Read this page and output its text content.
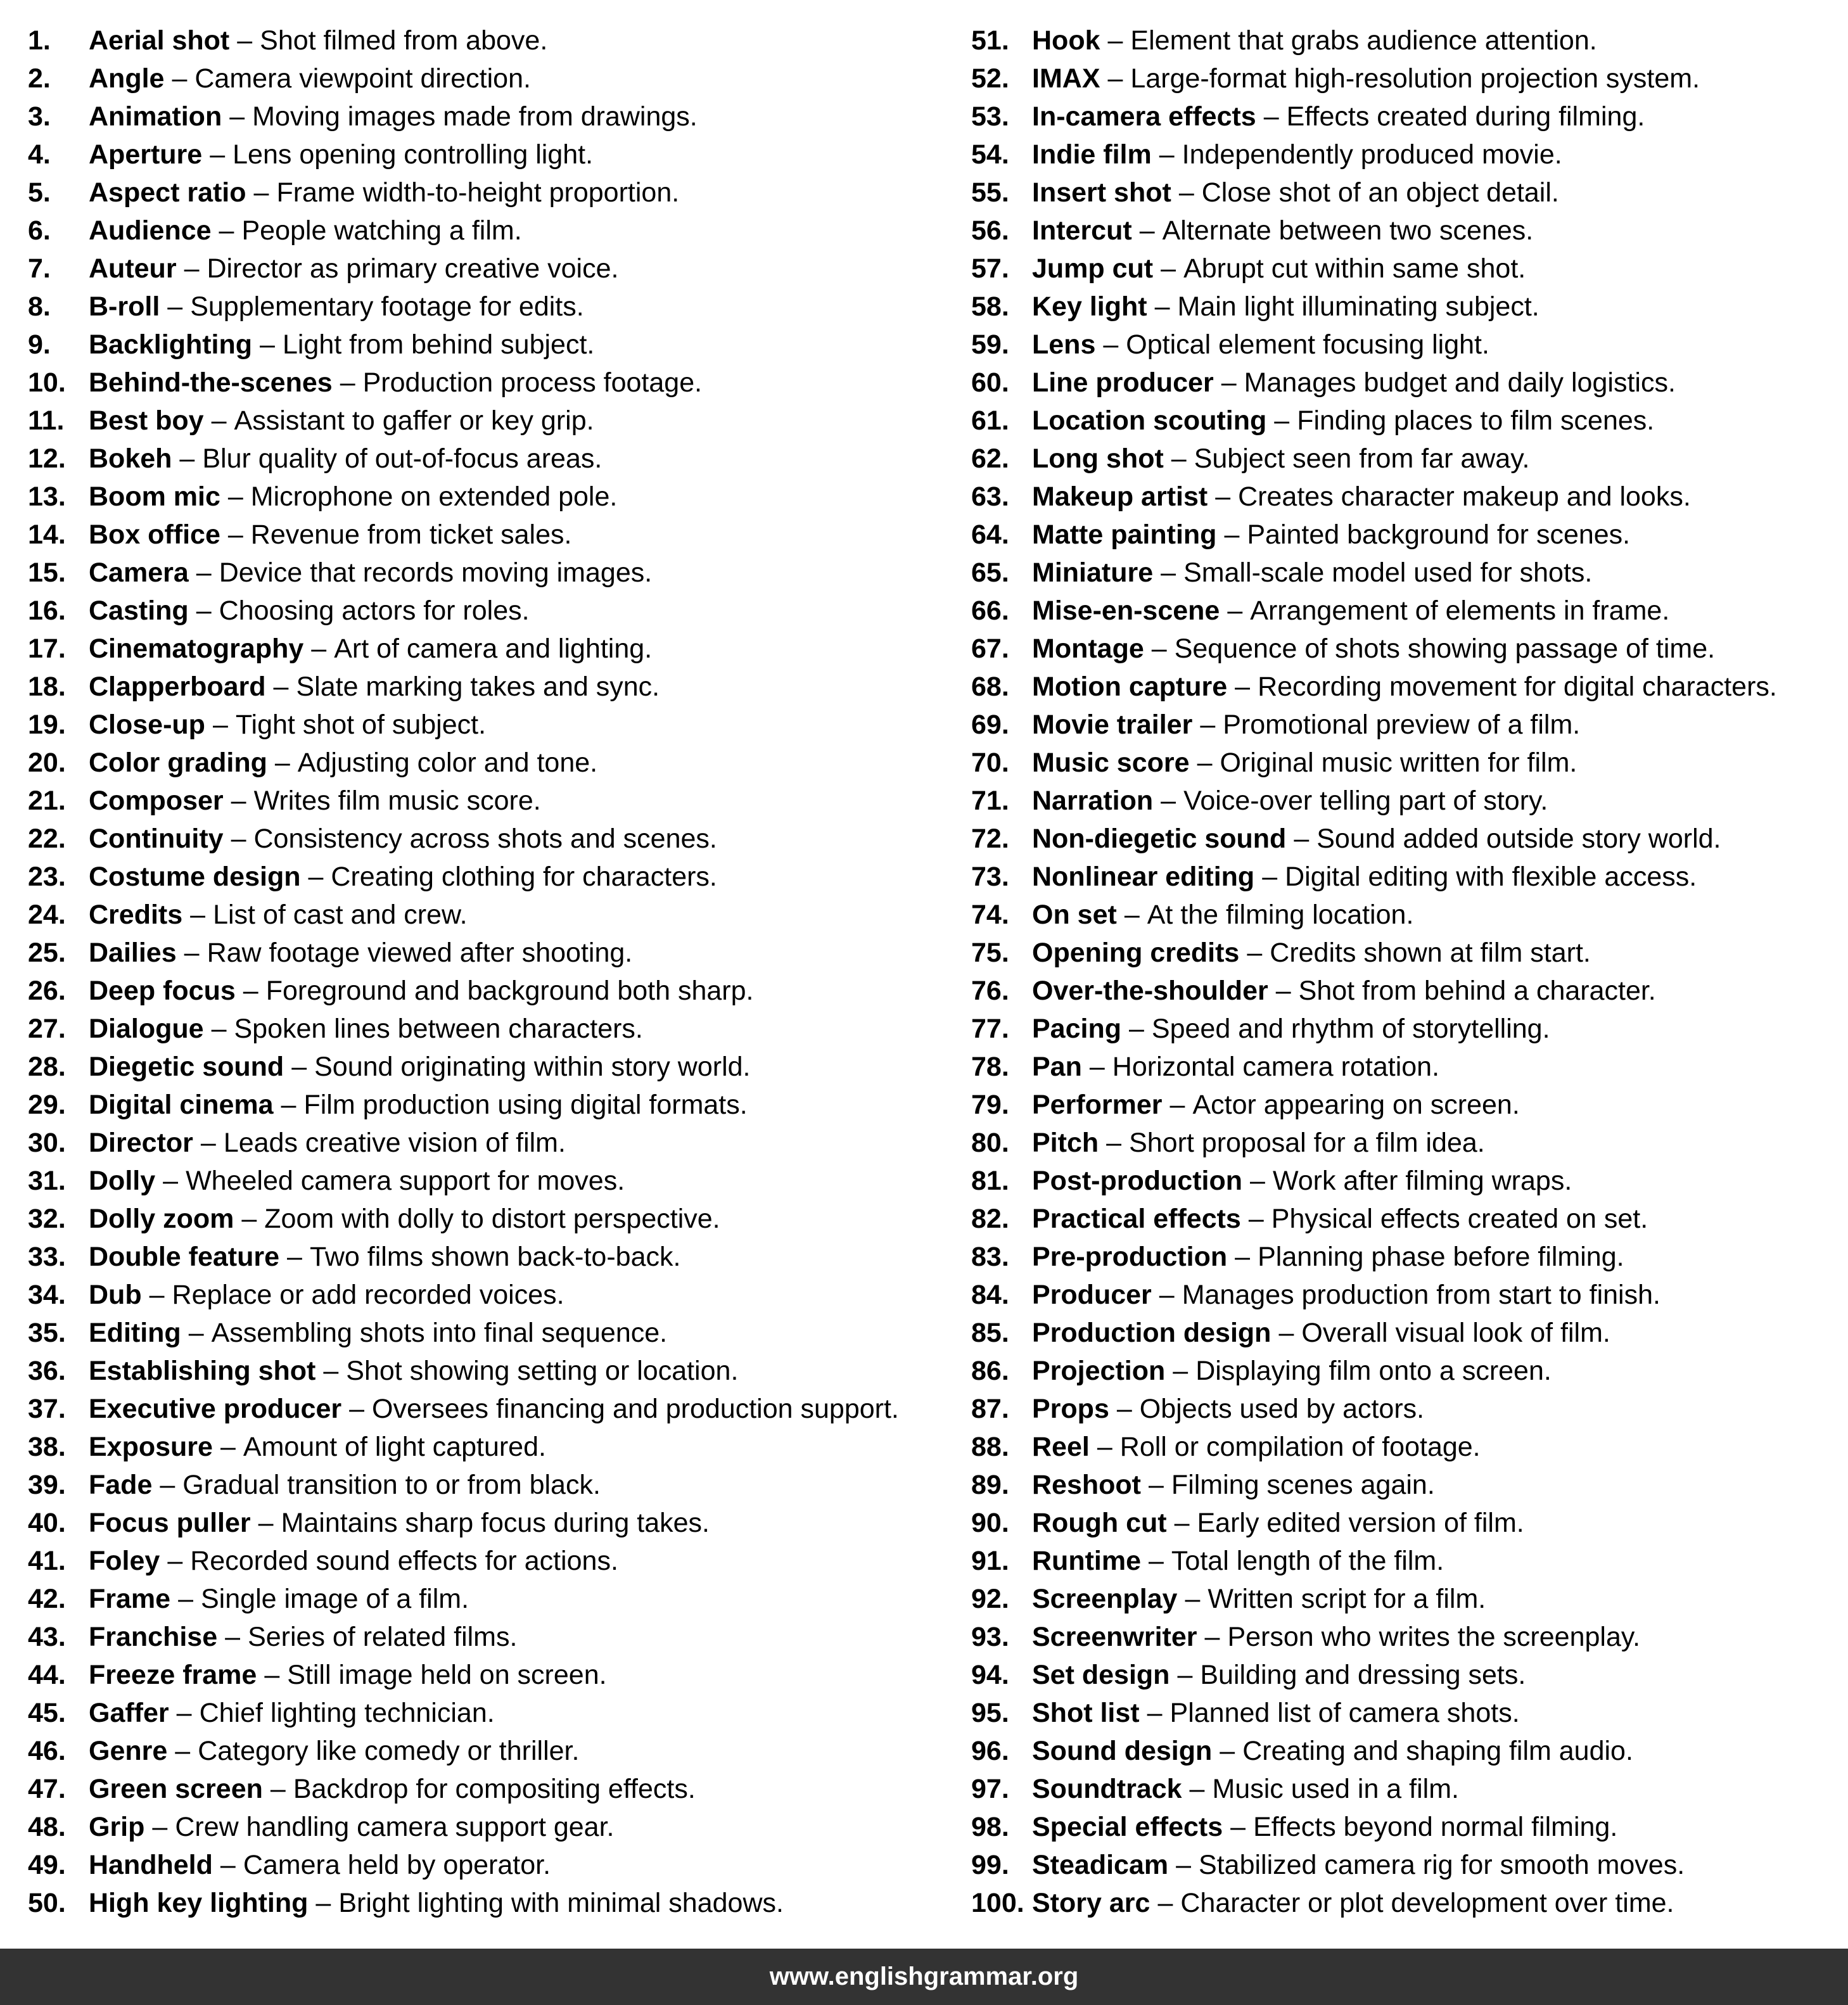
1.	Aerial shot – Shot filmed from above.
2.	Angle – Camera viewpoint direction.
3.	Animation – Moving images made from drawings.
4.	Aperture – Lens opening controlling light.
5.	Aspect ratio – Frame width-to-height proportion.
6.	Audience – People watching a film.
7.	Auteur – Director as primary creative voice.
8.	B-roll – Supplementary footage for edits.
9.	Backlighting – Light from behind subject.
10. Behind-the-scenes – Production process footage.
11. Best boy – Assistant to gaffer or key grip.
12. Bokeh – Blur quality of out-of-focus areas.
13. Boom mic – Microphone on extended pole.
14. Box office – Revenue from ticket sales.
15. Camera – Device that records moving images.
16. Casting – Choosing actors for roles.
17. Cinematography – Art of camera and lighting.
18. Clapperboard – Slate marking takes and sync.
19. Close-up – Tight shot of subject.
20. Color grading – Adjusting color and tone.
21. Composer – Writes film music score.
22. Continuity – Consistency across shots and scenes.
23. Costume design – Creating clothing for characters.
24. Credits – List of cast and crew.
25. Dailies – Raw footage viewed after shooting.
26. Deep focus – Foreground and background both sharp.
27. Dialogue – Spoken lines between characters.
28. Diegetic sound – Sound originating within story world.
29. Digital cinema – Film production using digital formats.
30. Director – Leads creative vision of film.
31. Dolly – Wheeled camera support for moves.
32. Dolly zoom – Zoom with dolly to distort perspective.
33. Double feature – Two films shown back-to-back.
34. Dub – Replace or add recorded voices.
35. Editing – Assembling shots into final sequence.
36. Establishing shot – Shot showing setting or location.
37. Executive producer – Oversees financing and production support.
38. Exposure – Amount of light captured.
39. Fade – Gradual transition to or from black.
40. Focus puller – Maintains sharp focus during takes.
41. Foley – Recorded sound effects for actions.
42. Frame – Single image of a film.
43. Franchise – Series of related films.
44. Freeze frame – Still image held on screen.
45. Gaffer – Chief lighting technician.
46. Genre – Category like comedy or thriller.
47. Green screen – Backdrop for compositing effects.
48. Grip – Crew handling camera support gear.
49. Handheld – Camera held by operator.
50. High key lighting – Bright lighting with minimal shadows.
51. Hook – Element that grabs audience attention.
52. IMAX – Large-format high-resolution projection system.
53. In-camera effects – Effects created during filming.
54. Indie film – Independently produced movie.
55. Insert shot – Close shot of an object detail.
56. Intercut – Alternate between two scenes.
57. Jump cut – Abrupt cut within same shot.
58. Key light – Main light illuminating subject.
59. Lens – Optical element focusing light.
60. Line producer – Manages budget and daily logistics.
61. Location scouting – Finding places to film scenes.
62. Long shot – Subject seen from far away.
63. Makeup artist – Creates character makeup and looks.
64. Matte painting – Painted background for scenes.
65. Miniature – Small-scale model used for shots.
66. Mise-en-scene – Arrangement of elements in frame.
67. Montage – Sequence of shots showing passage of time.
68. Motion capture – Recording movement for digital characters.
69. Movie trailer – Promotional preview of a film.
70. Music score – Original music written for film.
71. Narration – Voice-over telling part of story.
72. Non-diegetic sound – Sound added outside story world.
73. Nonlinear editing – Digital editing with flexible access.
74. On set – At the filming location.
75. Opening credits – Credits shown at film start.
76. Over-the-shoulder – Shot from behind a character.
77. Pacing – Speed and rhythm of storytelling.
78. Pan – Horizontal camera rotation.
79. Performer – Actor appearing on screen.
80. Pitch – Short proposal for a film idea.
81. Post-production – Work after filming wraps.
82. Practical effects – Physical effects created on set.
83. Pre-production – Planning phase before filming.
84. Producer – Manages production from start to finish.
85. Production design – Overall visual look of film.
86. Projection – Displaying film onto a screen.
87. Props – Objects used by actors.
88. Reel – Roll or compilation of footage.
89. Reshoot – Filming scenes again.
90. Rough cut – Early edited version of film.
91. Runtime – Total length of the film.
92. Screenplay – Written script for a film.
93. Screenwriter – Person who writes the screenplay.
94. Set design – Building and dressing sets.
95. Shot list – Planned list of camera shots.
96. Sound design – Creating and shaping film audio.
97. Soundtrack – Music used in a film.
98. Special effects – Effects beyond normal filming.
99. Steadicam – Stabilized camera rig for smooth moves.
100. Story arc – Character or plot development over time.
www.englishgrammar.org
